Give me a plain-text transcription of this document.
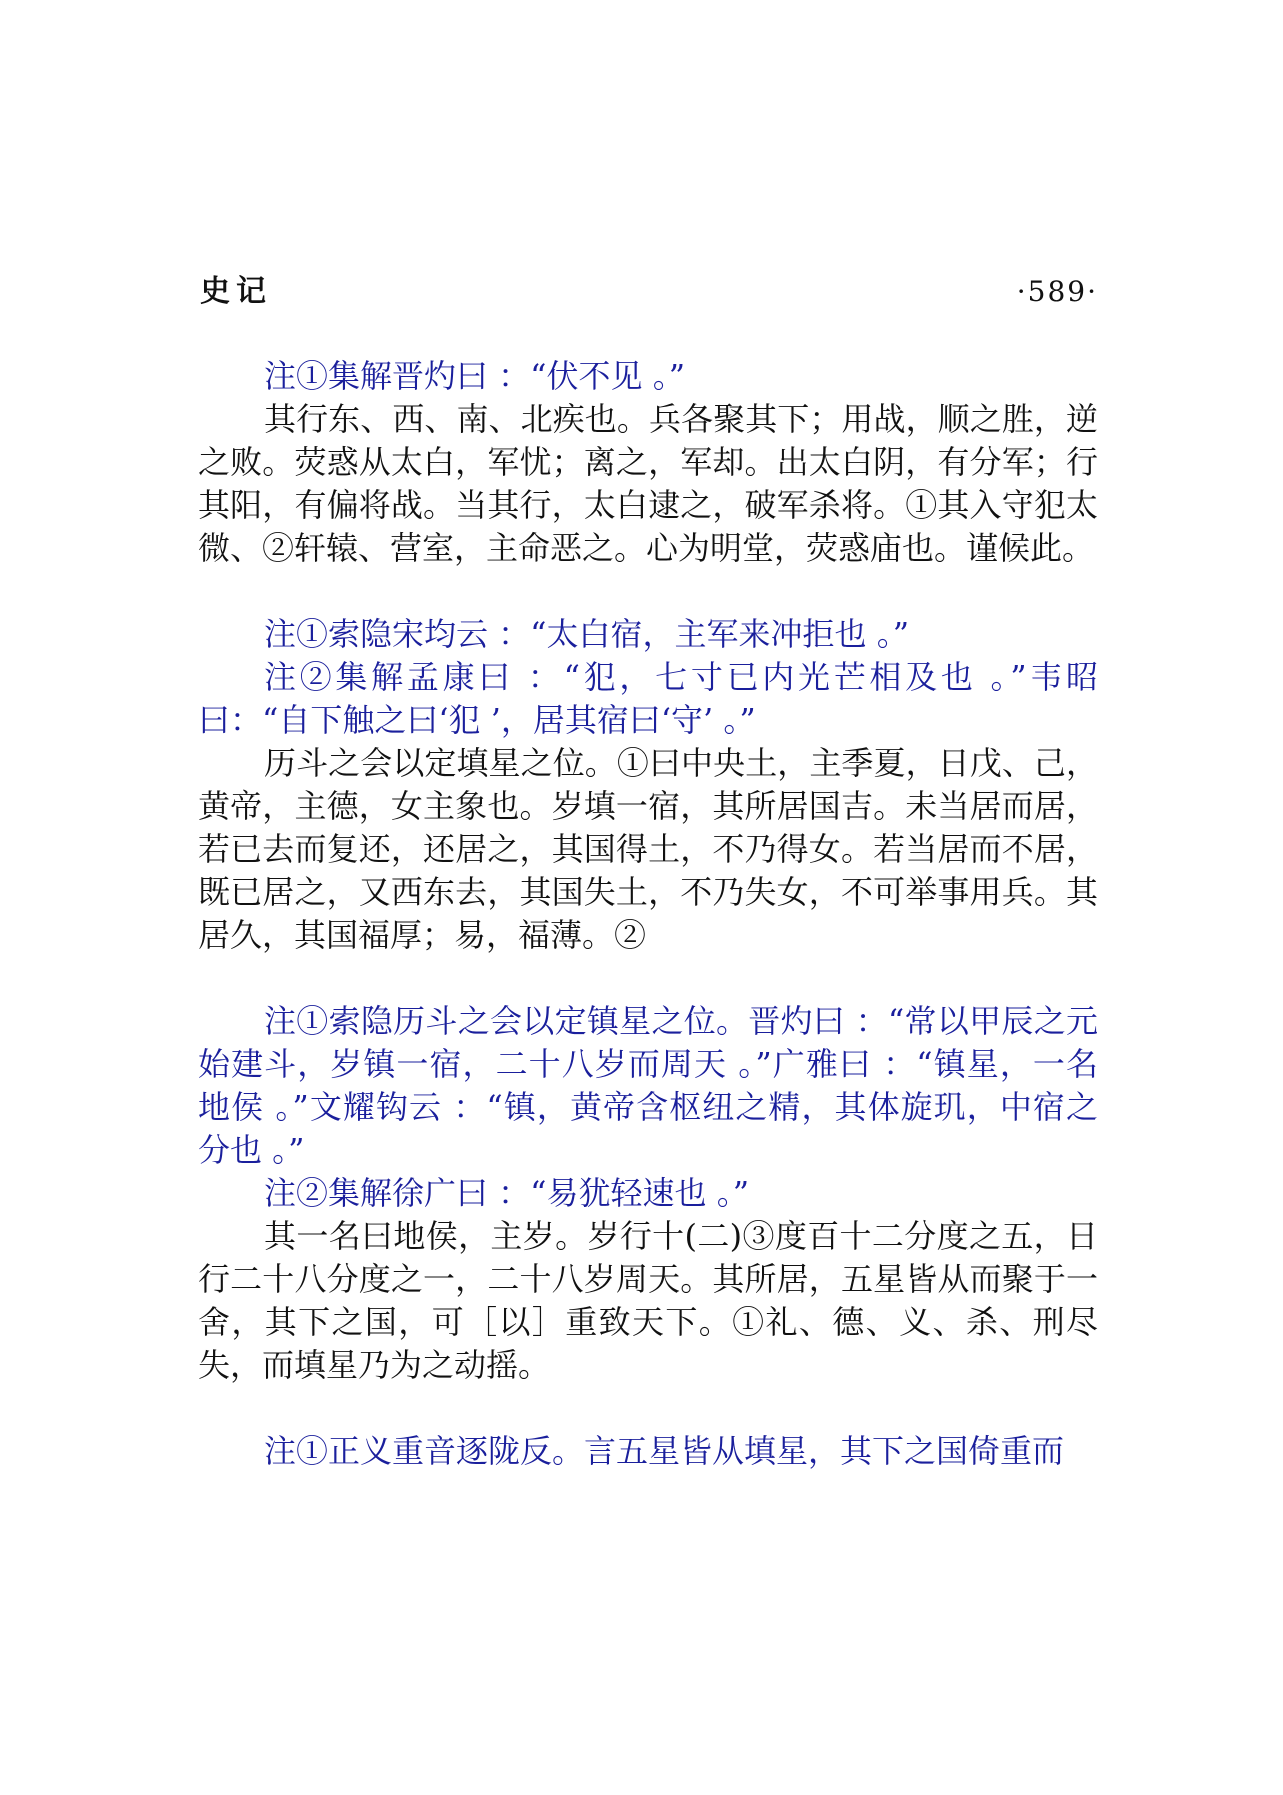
史记	·589·

注①集解晋灼曰 ：“伏不见 。”

其行东、西、南、北疾也。兵各聚其下；用战，顺之胜，逆之败。荧惑从太白，军忧；离之，军却。出太白阴，有分军；行其阳，有偏将战。当其行，太白逮之，破军杀将。①其入守犯太微、②轩辕、营室，主命恶之。心为明堂，荧惑庙也。谨候此。

注①索隐宋均云 ：“太白宿，主军来冲拒也 。”

注②集解孟康曰 ：“犯，七寸已内光芒相及也 。”韦昭曰：“自下触之曰‘犯 ’，居其宿曰‘守’ 。”

历斗之会以定填星之位。①曰中央土，主季夏，日戊、己，黄帝，主德，女主象也。岁填一宿，其所居国吉。未当居而居，若已去而复还，还居之，其国得土，不乃得女。若当居而不居，既已居之，又西东去，其国失土，不乃失女，不可举事用兵。其居久，其国福厚；易，福薄。②

注①索隐历斗之会以定镇星之位。晋灼曰 ：“常以甲辰之元始建斗，岁镇一宿，二十八岁而周天 。”广雅曰 ：“镇星，一名地侯 。”文耀钩云 ：“镇，黄帝含枢纽之精，其体旋玑，中宿之分也 。”

注②集解徐广曰 ：“易犹轻速也 。”

其一名曰地侯，主岁。岁行十(二)③度百十二分度之五，日行二十八分度之一，二十八岁周天。其所居，五星皆从而聚于一舍，其下之国，可［以］重致天下。①礼、德、义、杀、刑尽失，而填星乃为之动摇。

注①正义重音逐陇反。言五星皆从填星，其下之国倚重而
